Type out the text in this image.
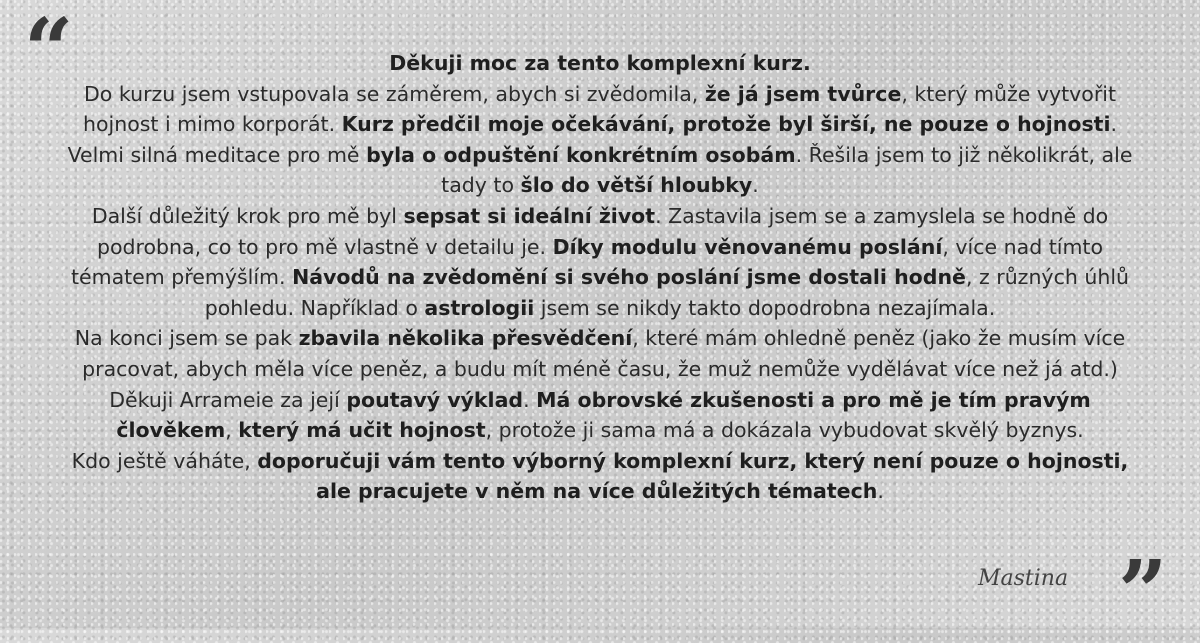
“	Děkuji moc za tento komplexní kurz.
Do kurzu jsem vstupovala se záměrem, abych si zvědomila, že já jsem tvůrce, který může vytvořit hojnost i mimo korporát. Kurz předčil moje očekávání, protože byl širší, ne pouze o hojnosti.
Velmi silná meditace pro mě byla o odpuštění konkrétním osobám. Řešila jsem to již několikrát, ale tady to šlo do větší hloubky.
Další důležitý krok pro mě byl sepsat si ideální život. Zastavila jsem se a zamyslela se hodně do podrobna, co to pro mě vlastně v detailu je. Díky modulu věnovanému poslání, více nad tímto tématem přemýšlím. Návodů na zvědomění si svého poslání jsme dostali hodně, z různých úhlů pohledu. Například o astrologii jsem se nikdy takto dopodrobna nezajímala.
Na konci jsem se pak zbavila několika přesvědčení, které mám ohledně peněz (jako že musím více pracovat, abych měla více peněz, a budu mít méně času, že muž nemůže vydělávat více než já atd.)
Děkuji Arrameie za její poutavý výklad. Má obrovské zkušenosti a pro mě je tím pravým člověkem, který má učit hojnost, protože ji sama má a dokázala vybudovat skvělý byznys.
Kdo ještě váháte, doporučuji vám tento výborný komplexní kurz, který není pouze o hojnosti, ale pracujete v něm na více důležitých tématech.
Mastina ”
